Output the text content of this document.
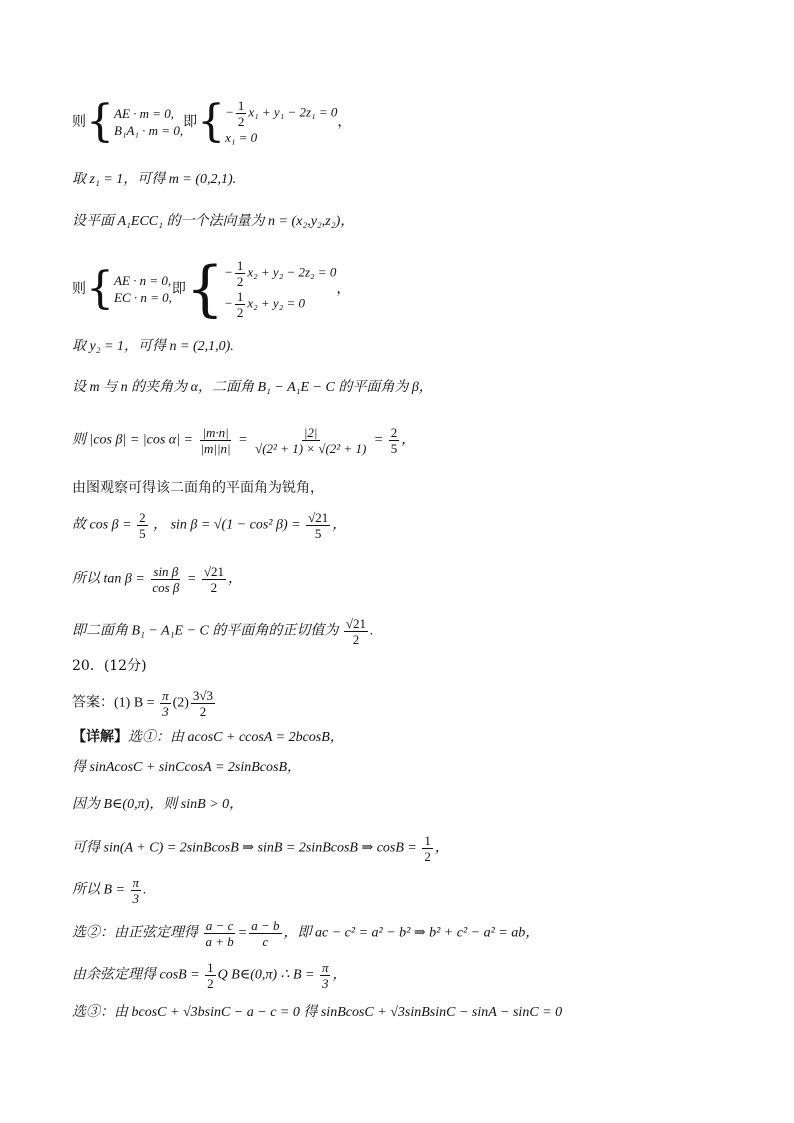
则{ AE · m = 0,
B₁A₁ · m = 0,
即{ − $\frac{1}{2} x_1 + y_1 - 2z_1 = 0$
x₁ = 0
，
取 z₁ = 1，可得 m = (0,2,1).
设平面 A₁ECC₁ 的一个法向量为 n = (x₂,y₂,z₂)，
则{ AE · n = 0,
EC · n = 0,
即{ − $\frac{1}{2} x_2 + y_2 - 2z_2 = 0$
− $\frac{1}{2} x_2 + y_2 = 0$
，
取 y₂ = 1，可得 n = (2,1,0).
设 m 与 n 的夹角为 α，二面角 B₁ − A₁E − C 的平面角为 β，
则 |cos β| = |cos $\alpha| = \frac{|m\cdot n|}{|m||n|} = \frac{|2|}{\text{√(2² + 1) × √(2² + 1)}} = \frac{2}{5}$ ，
由图观察可得该二面角的平面角为锐角，
故 $\cos \beta = \frac{2}{5}$ ， sin β = √(1 − cos² $\beta) = \frac{√21}{5}$ ，
所以 $\tan \beta = \frac{\text{sin β}}{\text{cos β}} = \frac{√21}{2}$ ，
即二面角 B₁ − A₁E − C 的平面角的正切值为 $\frac{√21}{2}$ .
20．(12分)
答案：(1) $B = \frac{\pi}{3} (2) \frac{3√3}{2}$
【详解】选①：由 acosC + ccosA = 2bcosB，
得 sinAcosC + sinCcosA = 2sinBcosB，
因为 B∈(0,π)，则 sinB > 0，
可得 sin(A + C) = 2sinBcosB ⇒ sinB = 2sinBcosB ⇒ $\cos B = \frac{1}{2}$ ，
所以 $B = \frac{\pi}{3}$ .
选②：由正弦定理得 $\frac{a - c}{a + b} = \frac{a - b}{c}$ ，即 ac − c² = a² − b² ⇒ b² + c² − a² = ab，
由余弦定理得 $\cos B = \frac{1}{2}$ Q B∈(0,π) ∴ $B = \frac{\pi}{3}$ ，
选③：由 bcosC + √3bsinC − a − c = 0 得 sinBcosC + √3sinBsinC − sinA − sinC = 0
